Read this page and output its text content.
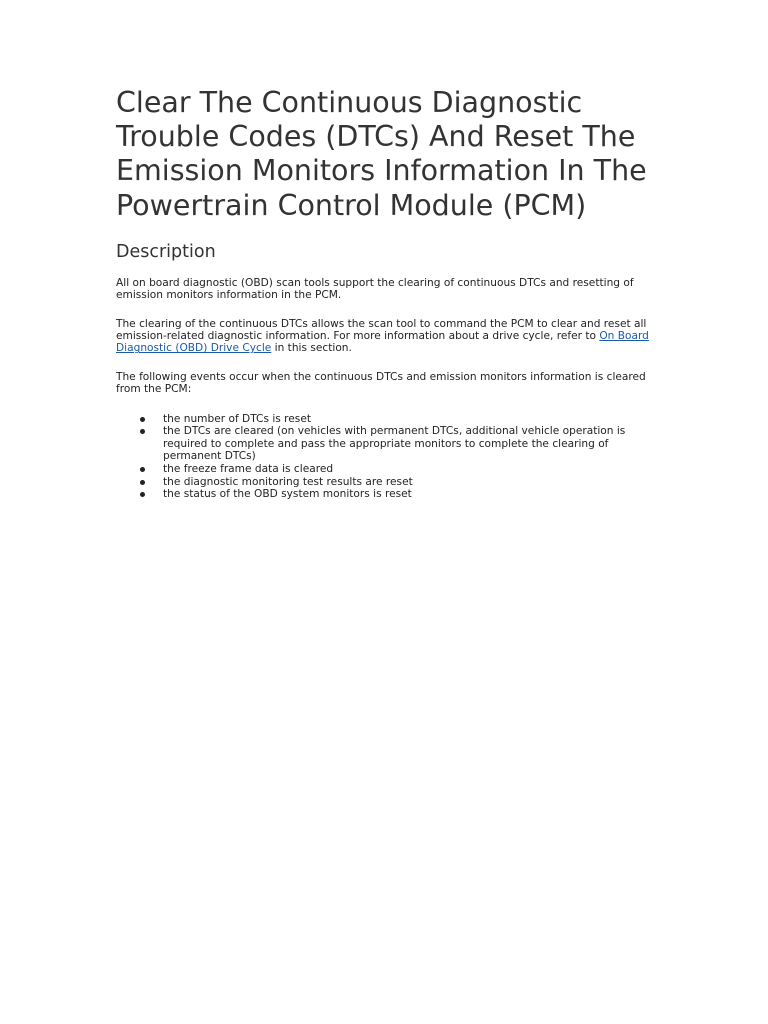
Clear The Continuous Diagnostic Trouble Codes (DTCs) And Reset The Emission Monitors Information In The Powertrain Control Module (PCM)
Description

All on board diagnostic (OBD) scan tools support the clearing of continuous DTCs and resetting of emission monitors information in the PCM.

The clearing of the continuous DTCs allows the scan tool to command the PCM to clear and reset all emission-related diagnostic information. For more information about a drive cycle, refer to On Board Diagnostic (OBD) Drive Cycle in this section.

The following events occur when the continuous DTCs and emission monitors information is cleared from the PCM:

the number of DTCs is reset
the DTCs are cleared (on vehicles with permanent DTCs, additional vehicle operation is required to complete and pass the appropriate monitors to complete the clearing of permanent DTCs)
the freeze frame data is cleared
the diagnostic monitoring test results are reset
the status of the OBD system monitors is reset
